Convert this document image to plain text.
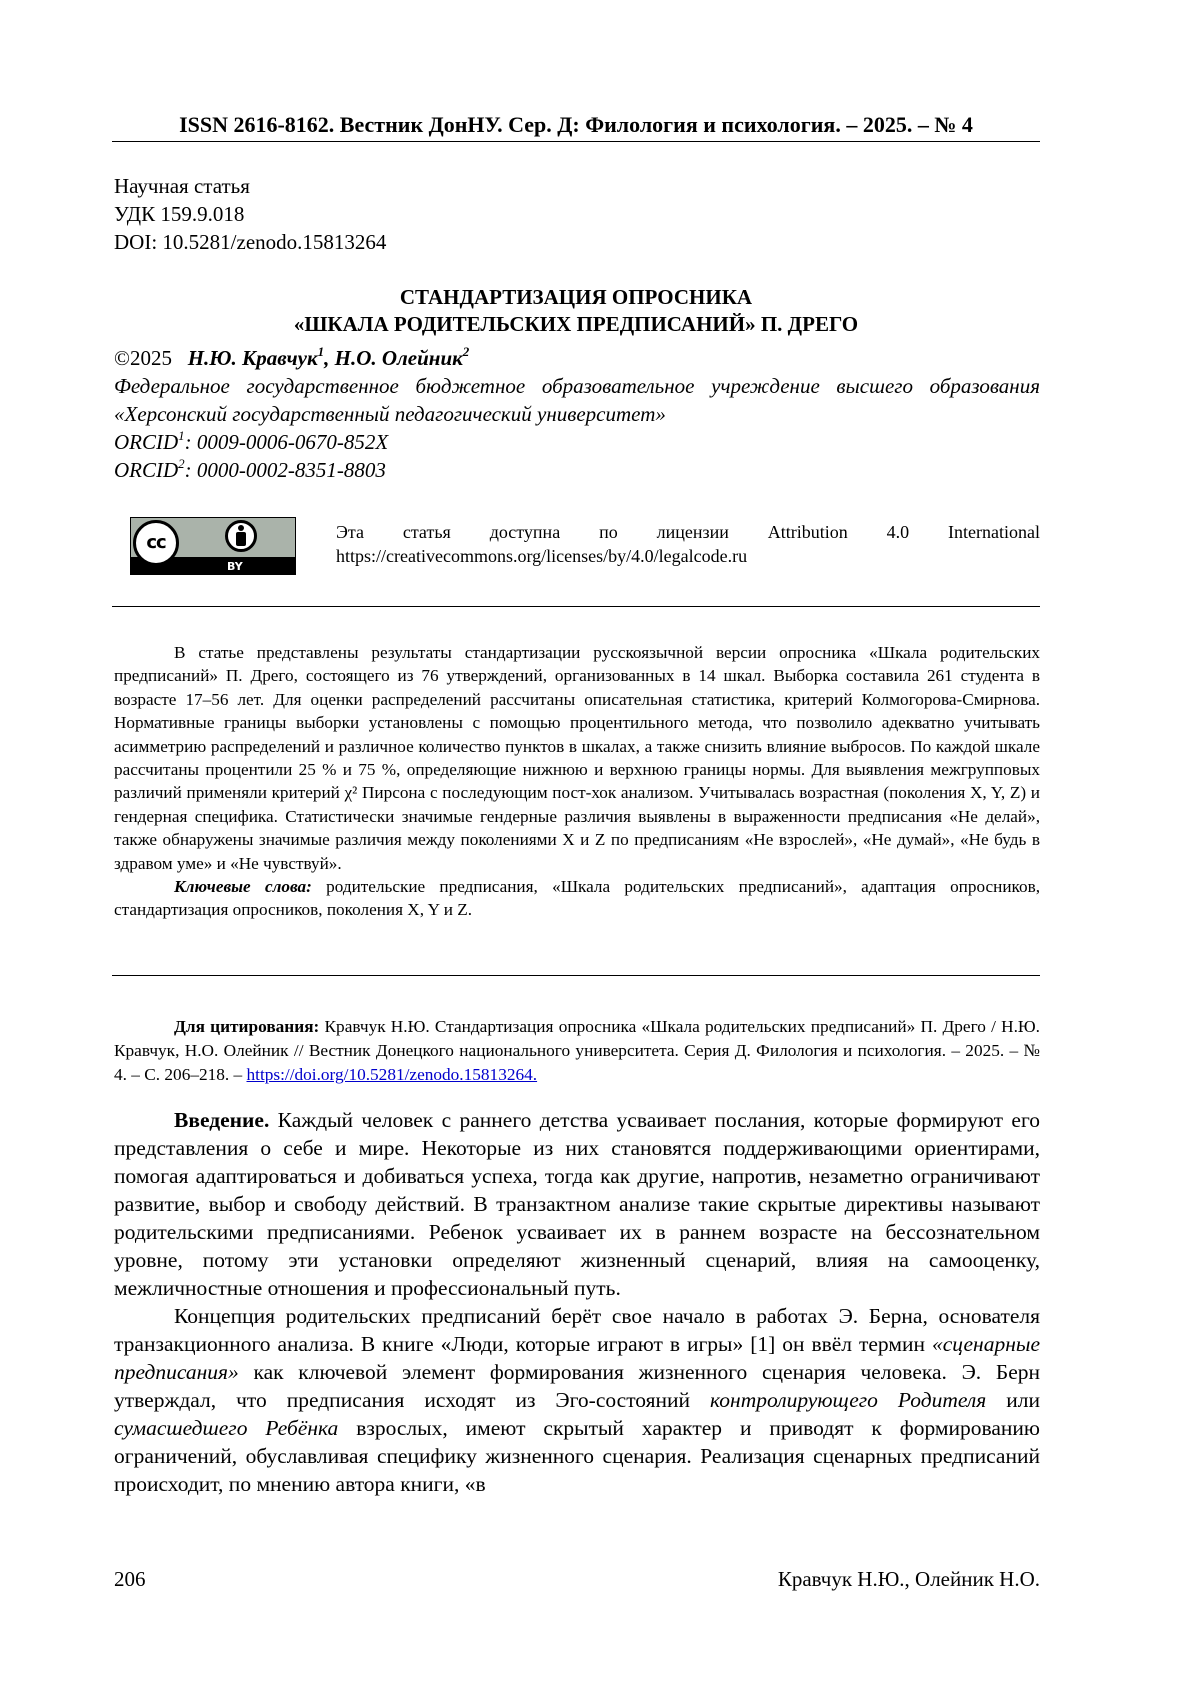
ISSN 2616-8162. Вестник ДонНУ. Сер. Д: Филология и психология. – 2025. – № 4
Научная статья
УДК 159.9.018
DOI: 10.5281/zenodo.15813264
СТАНДАРТИЗАЦИЯ ОПРОСНИКА
«ШКАЛА РОДИТЕЛЬСКИХ ПРЕДПИСАНИЙ» П. ДРЕГО
©2025 Н.Ю. Кравчук$^1$, Н.О. Олейник$^2$
Федеральное государственное бюджетное образовательное учреждение высшего образования «Херсонский государственный педагогический университет»
ORCID$^1$: 0009-0006-0670-852X
ORCID$^2$: 0000-0002-8351-8803
cc
BY
Эта статья доступна по лицензии Attribution 4.0 International
https://creativecommons.org/licenses/by/4.0/legalcode.ru

В статье представлены результаты стандартизации русскоязычной версии опросника «Шкала родительских предписаний» П. Дрего, состоящего из 76 утверждений, организованных в 14 шкал. Выборка составила 261 студента в возрасте 17–56 лет. Для оценки распределений рассчитаны описательная статистика, критерий Колмогорова-Смирнова. Нормативные границы выборки установлены с помощью процентильного метода, что позволило адекватно учитывать асимметрию распределений и различное количество пунктов в шкалах, а также снизить влияние выбросов. По каждой шкале рассчитаны процентили 25 % и 75 %, определяющие нижнюю и верхнюю границы нормы. Для выявления межгрупповых различий применяли критерий χ² Пирсона с последующим пост-хок анализом. Учитывалась возрастная (поколения X, Y, Z) и гендерная специфика. Статистически значимые гендерные различия выявлены в выраженности предписания «Не делай», также обнаружены значимые различия между поколениями X и Z по предписаниям «Не взрослей», «Не думай», «Не будь в здравом уме» и «Не чувствуй».

Ключевые слова: родительские предписания, «Шкала родительских предписаний», адаптация опросников, стандартизация опросников, поколения X, Y и Z.

Для цитирования: Кравчук Н.Ю. Стандартизация опросника «Шкала родительских предписаний» П. Дрего / Н.Ю. Кравчук, Н.О. Олейник // Вестник Донецкого национального университета. Серия Д. Филология и психология. – 2025. – № 4. – С. 206–218. – https://doi.org/10.5281/zenodo.15813264.

Введение. Каждый человек с раннего детства усваивает послания, которые формируют его представления о себе и мире. Некоторые из них становятся поддерживающими ориентирами, помогая адаптироваться и добиваться успеха, тогда как другие, напротив, незаметно ограничивают развитие, выбор и свободу действий. В транзактном анализе такие скрытые директивы называют родительскими предписаниями. Ребенок усваивает их в раннем возрасте на бессознательном уровне, потому эти установки определяют жизненный сценарий, влияя на самооценку, межличностные отношения и профессиональный путь.

Концепция родительских предписаний берёт свое начало в работах Э. Берна, основателя транзакционного анализа. В книге «Люди, которые играют в игры» [1] он ввёл термин «сценарные предписания» как ключевой элемент формирования жизненного сценария человека. Э. Берн утверждал, что предписания исходят из Эго-состояний контролирующего Родителя или сумасшедшего Ребёнка взрослых, имеют скрытый характер и приводят к формированию ограничений, обуславливая специфику жизненного сценария. Реализация сценарных предписаний происходит, по мнению автора книги, «в

206	Кравчук Н.Ю., Олейник Н.О.
